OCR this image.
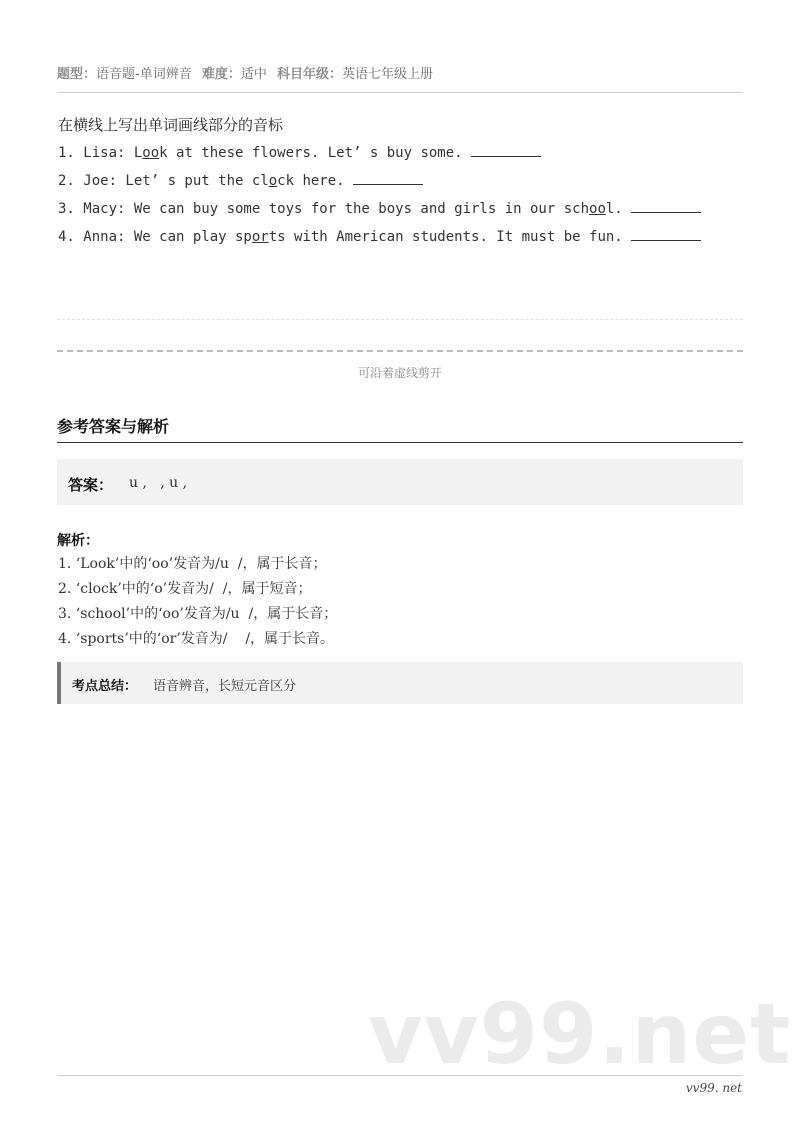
题型：语音题-单词辨音 难度：适中 科目年级：英语七年级上册
在横线上写出单词画线部分的音标
1. Lisa: Look at these flowers. Let’ s buy some.
2. Joe: Let’ s put the clock here.
3. Macy: We can buy some toys for the boys and girls in our school.
4. Anna: We can play sports with American students. It must be fun.
可沿着虚线剪开
参考答案与解析
答案： u ,   , u ,
解析：
1. ‘Look’中的‘oo’发音为/u  /，属于长音；
2. ‘clock’中的‘o’发音为/  /，属于短音；
3. ‘school’中的‘oo’发音为/u  /，属于长音；
4. ‘sports’中的‘or’发音为/    /，属于长音。
考点总结： 语音辨音，长短元音区分
vv99.net
vv99. net
